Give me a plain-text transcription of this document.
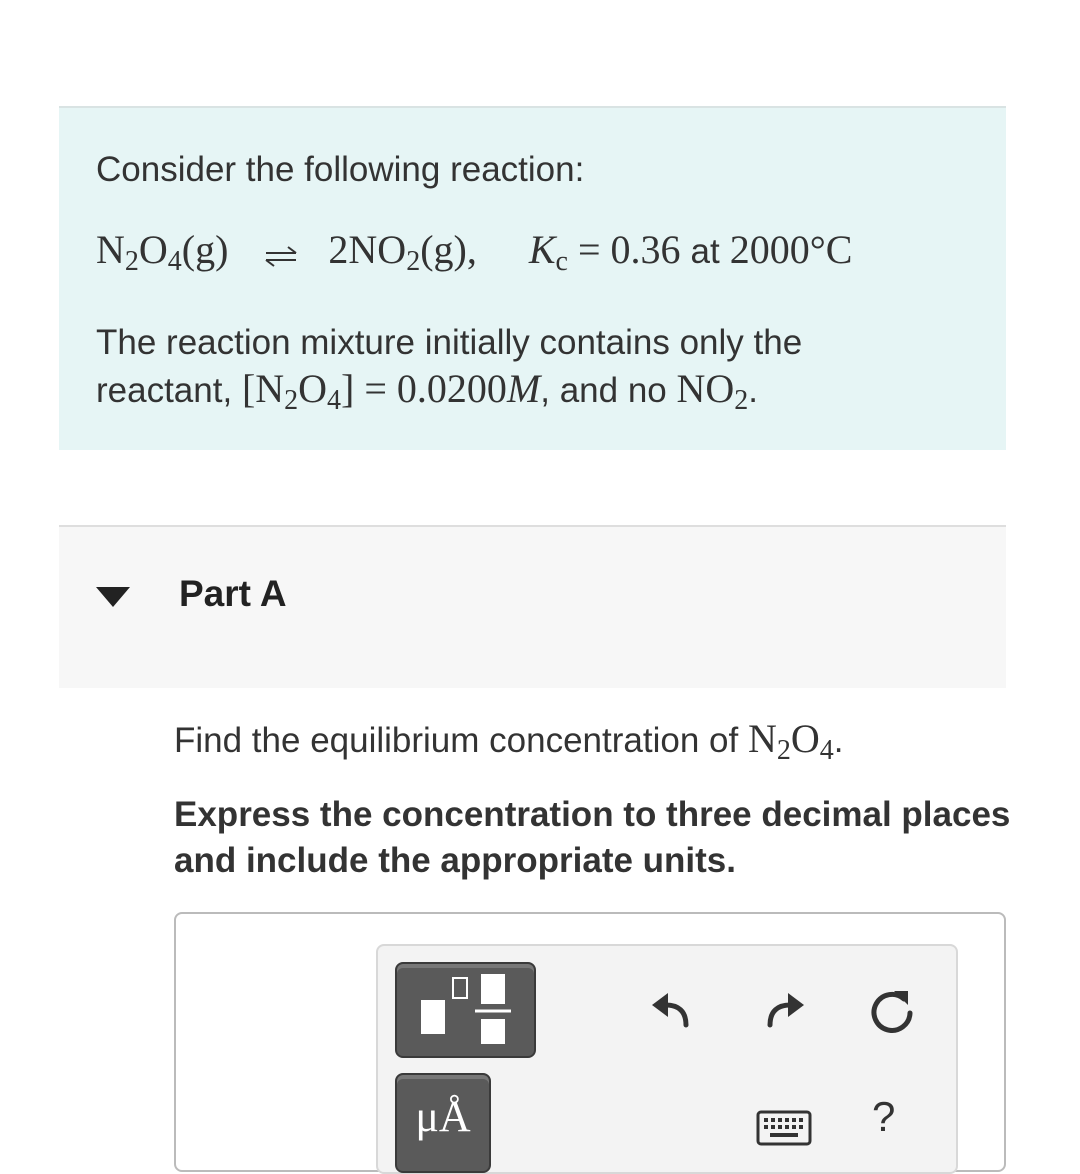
Consider the following reaction:
$N_2O_4(g)$ ⇌ $2NO_2(g)$, $K_c = 0.36$ at 2000°C
The reaction mixture initially contains only the
reactant, $[N_2O_4] = 0.0200M$, and no $NO_2$.
Part A
Find the equilibrium concentration of $N_2O_4$.
Express the concentration to three decimal places and include the appropriate units.
μÅ	?
